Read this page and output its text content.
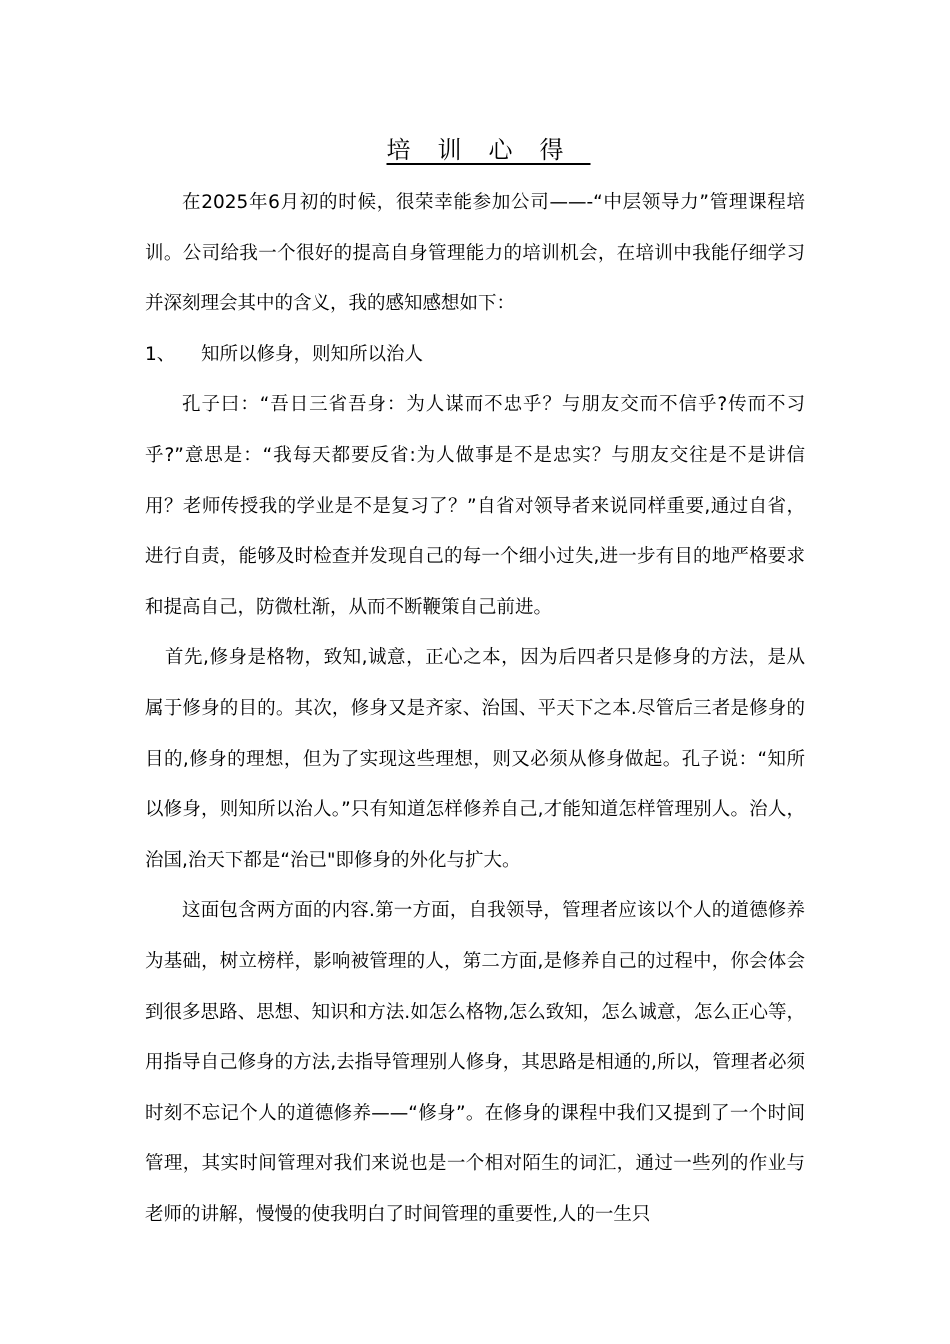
培训心得

在2025年6月初的时候，很荣幸能参加公司——-“中层领导力”管理课程培训。公司给我一个很好的提高自身管理能力的培训机会，在培训中我能仔细学习并深刻理会其中的含义，我的感知感想如下：

1、	知所以修身，则知所以治人

孔子曰：“吾日三省吾身：为人谋而不忠乎？与朋友交而不信乎?传而不习乎?”意思是：“我每天都要反省:为人做事是不是忠实？与朋友交往是不是讲信用？老师传授我的学业是不是复习了？”自省对领导者来说同样重要,通过自省，进行自责，能够及时检查并发现自己的每一个细小过失,进一步有目的地严格要求和提高自己，防微杜渐，从而不断鞭策自己前进。

首先,修身是格物，致知,诚意，正心之本，因为后四者只是修身的方法，是从属于修身的目的。其次，修身又是齐家、治国、平天下之本.尽管后三者是修身的目的,修身的理想，但为了实现这些理想，则又必须从修身做起。孔子说：“知所以修身，则知所以治人。”只有知道怎样修养自己,才能知道怎样管理别人。治人，治国,治天下都是“治已"即修身的外化与扩大。

这面包含两方面的内容.第一方面，自我领导，管理者应该以个人的道德修养为基础，树立榜样，影响被管理的人，第二方面,是修养自己的过程中，你会体会到很多思路、思想、知识和方法.如怎么格物,怎么致知，怎么诚意，怎么正心等，用指导自己修身的方法,去指导管理别人修身，其思路是相通的,所以，管理者必须时刻不忘记个人的道德修养——“修身”。在修身的课程中我们又提到了一个时间管理，其实时间管理对我们来说也是一个相对陌生的词汇，通过一些列的作业与老师的讲解，慢慢的使我明白了时间管理的重要性,人的一生只
